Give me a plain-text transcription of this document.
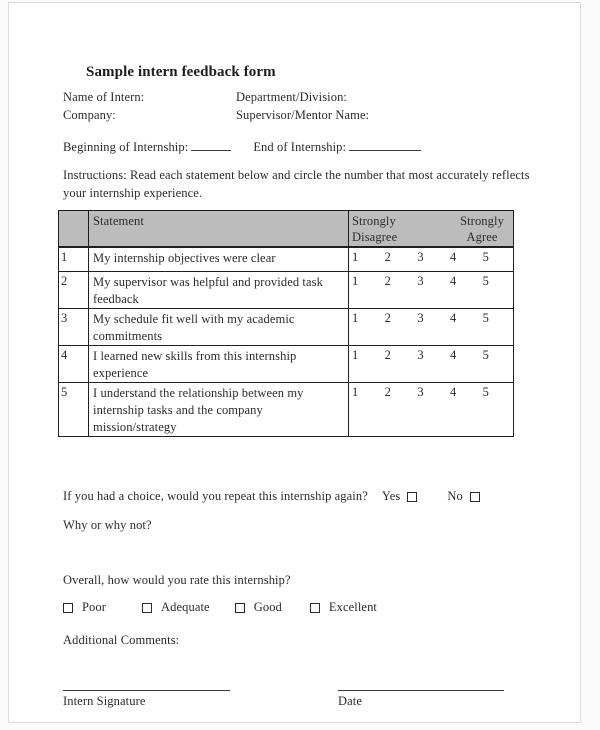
Sample intern feedback form
Name of Intern:	Department/Division:
Company:	Supervisor/Mentor Name:
Beginning of Internship:	End of Internship:
Instructions: Read each statement below and circle the number that most accurately reflects your internship experience.
	Statement	Strongly Disagree
Strongly Agree

1	My internship objectives were clear	1 2 3 4 5

2	My supervisor was helpful and provided task feedback	1 2 3 4 5

3	My schedule fit well with my academic commitments	1 2 3 4 5

4	I learned new skills from this internship experience	1 2 3 4 5

5	I understand the relationship between my internship tasks and the company mission/strategy	1 2 3 4 5
If you had a choice, would you repeat this internship again? Yes	No
Why or why not?
Overall, how would you rate this internship?
Poor	Adequate	Good	Excellent
Additional Comments:
Intern Signature	Date
